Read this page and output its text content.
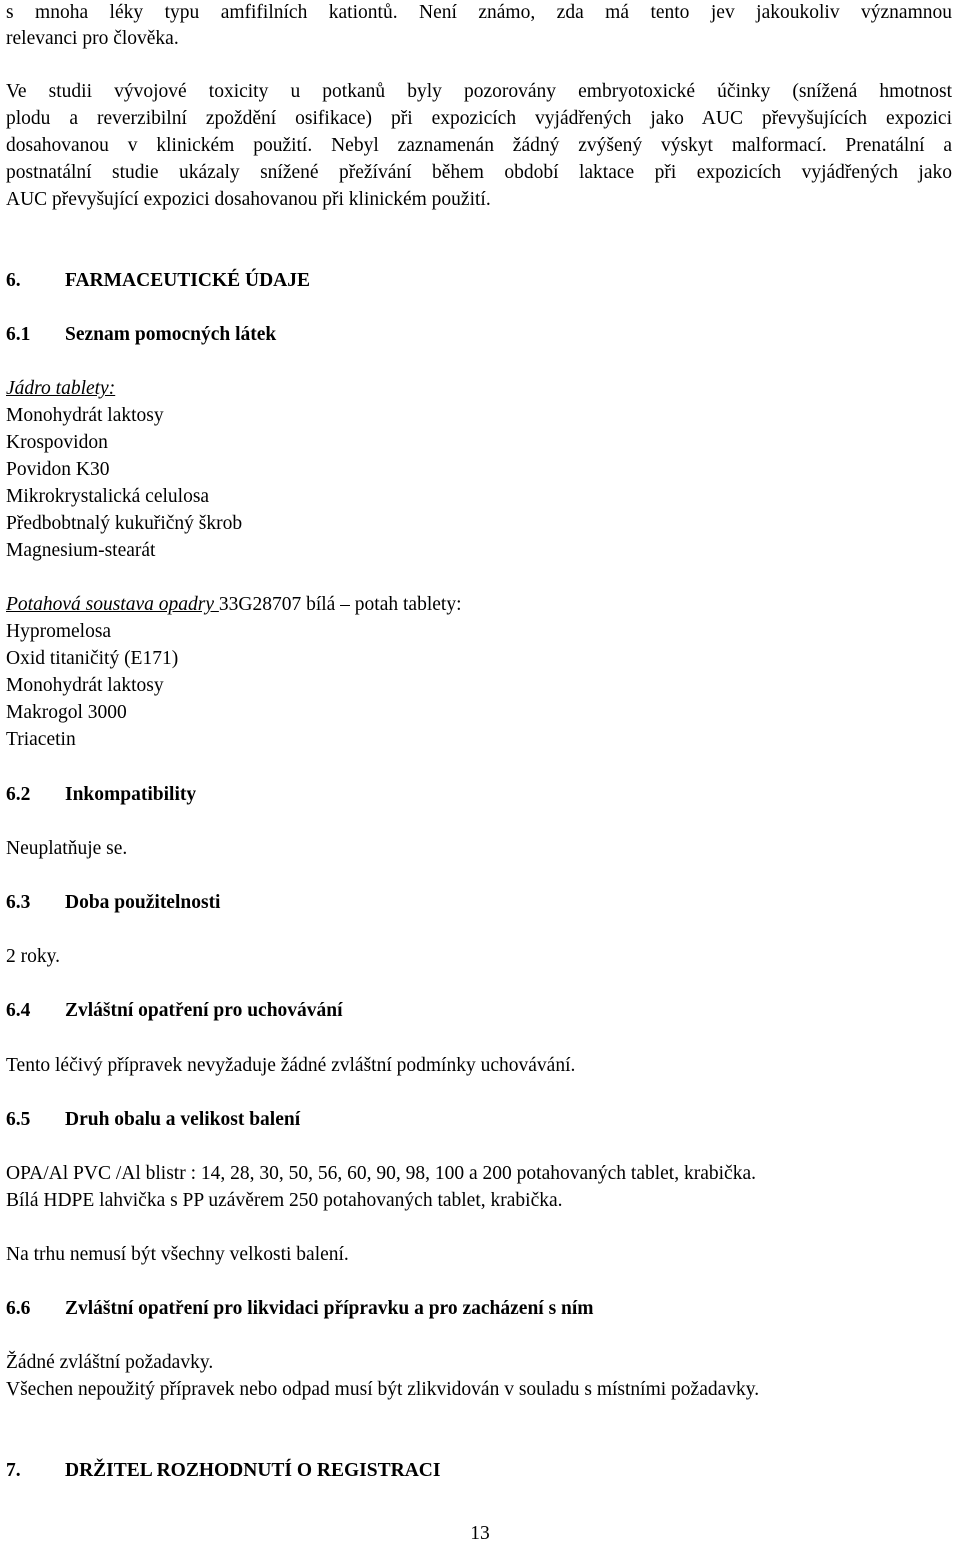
s mnoha léky typu amfifilních kationtů. Není známo, zda má tento jev jakoukoliv významnou
relevanci pro člověka.
Ve studii vývojové toxicity u potkanů byly pozorovány embryotoxické účinky (snížená hmotnost
plodu a reverzibilní zpoždění osifikace) při expozicích vyjádřených jako AUC převyšujících expozici
dosahovanou v klinickém použití. Nebyl zaznamenán žádný zvýšený výskyt malformací. Prenatální a
postnatální studie ukázaly snížené přežívání během období laktace při expozicích vyjádřených jako
AUC převyšující expozici dosahovanou při klinickém použití.
6. FARMACEUTICKÉ ÚDAJE
6.1 Seznam pomocných látek
Jádro tablety:
Monohydrát laktosy
Krospovidon
Povidon K30
Mikrokrystalická celulosa
Předbobtnalý kukuřičný škrob
Magnesium-stearát
Potahová soustava opadry 33G28707 bílá – potah tablety:
Hypromelosa
Oxid titaničitý (E171)
Monohydrát laktosy
Makrogol 3000
Triacetin
6.2 Inkompatibility
Neuplatňuje se.
6.3 Doba použitelnosti
2 roky.
6.4 Zvláštní opatření pro uchovávání
Tento léčivý přípravek nevyžaduje žádné zvláštní podmínky uchovávání.
6.5 Druh obalu a velikost balení
OPA/Al PVC /Al blistr : 14, 28, 30, 50, 56, 60, 90, 98, 100 a 200 potahovaných tablet, krabička.
Bílá HDPE lahvička s PP uzávěrem 250 potahovaných tablet, krabička.
Na trhu nemusí být všechny velkosti balení.
6.6 Zvláštní opatření pro likvidaci přípravku a pro zacházení s ním
Žádné zvláštní požadavky.
Všechen nepoužitý přípravek nebo odpad musí být zlikvidován v souladu s místními požadavky.
7. DRŽITEL ROZHODNUTÍ O REGISTRACI
13
